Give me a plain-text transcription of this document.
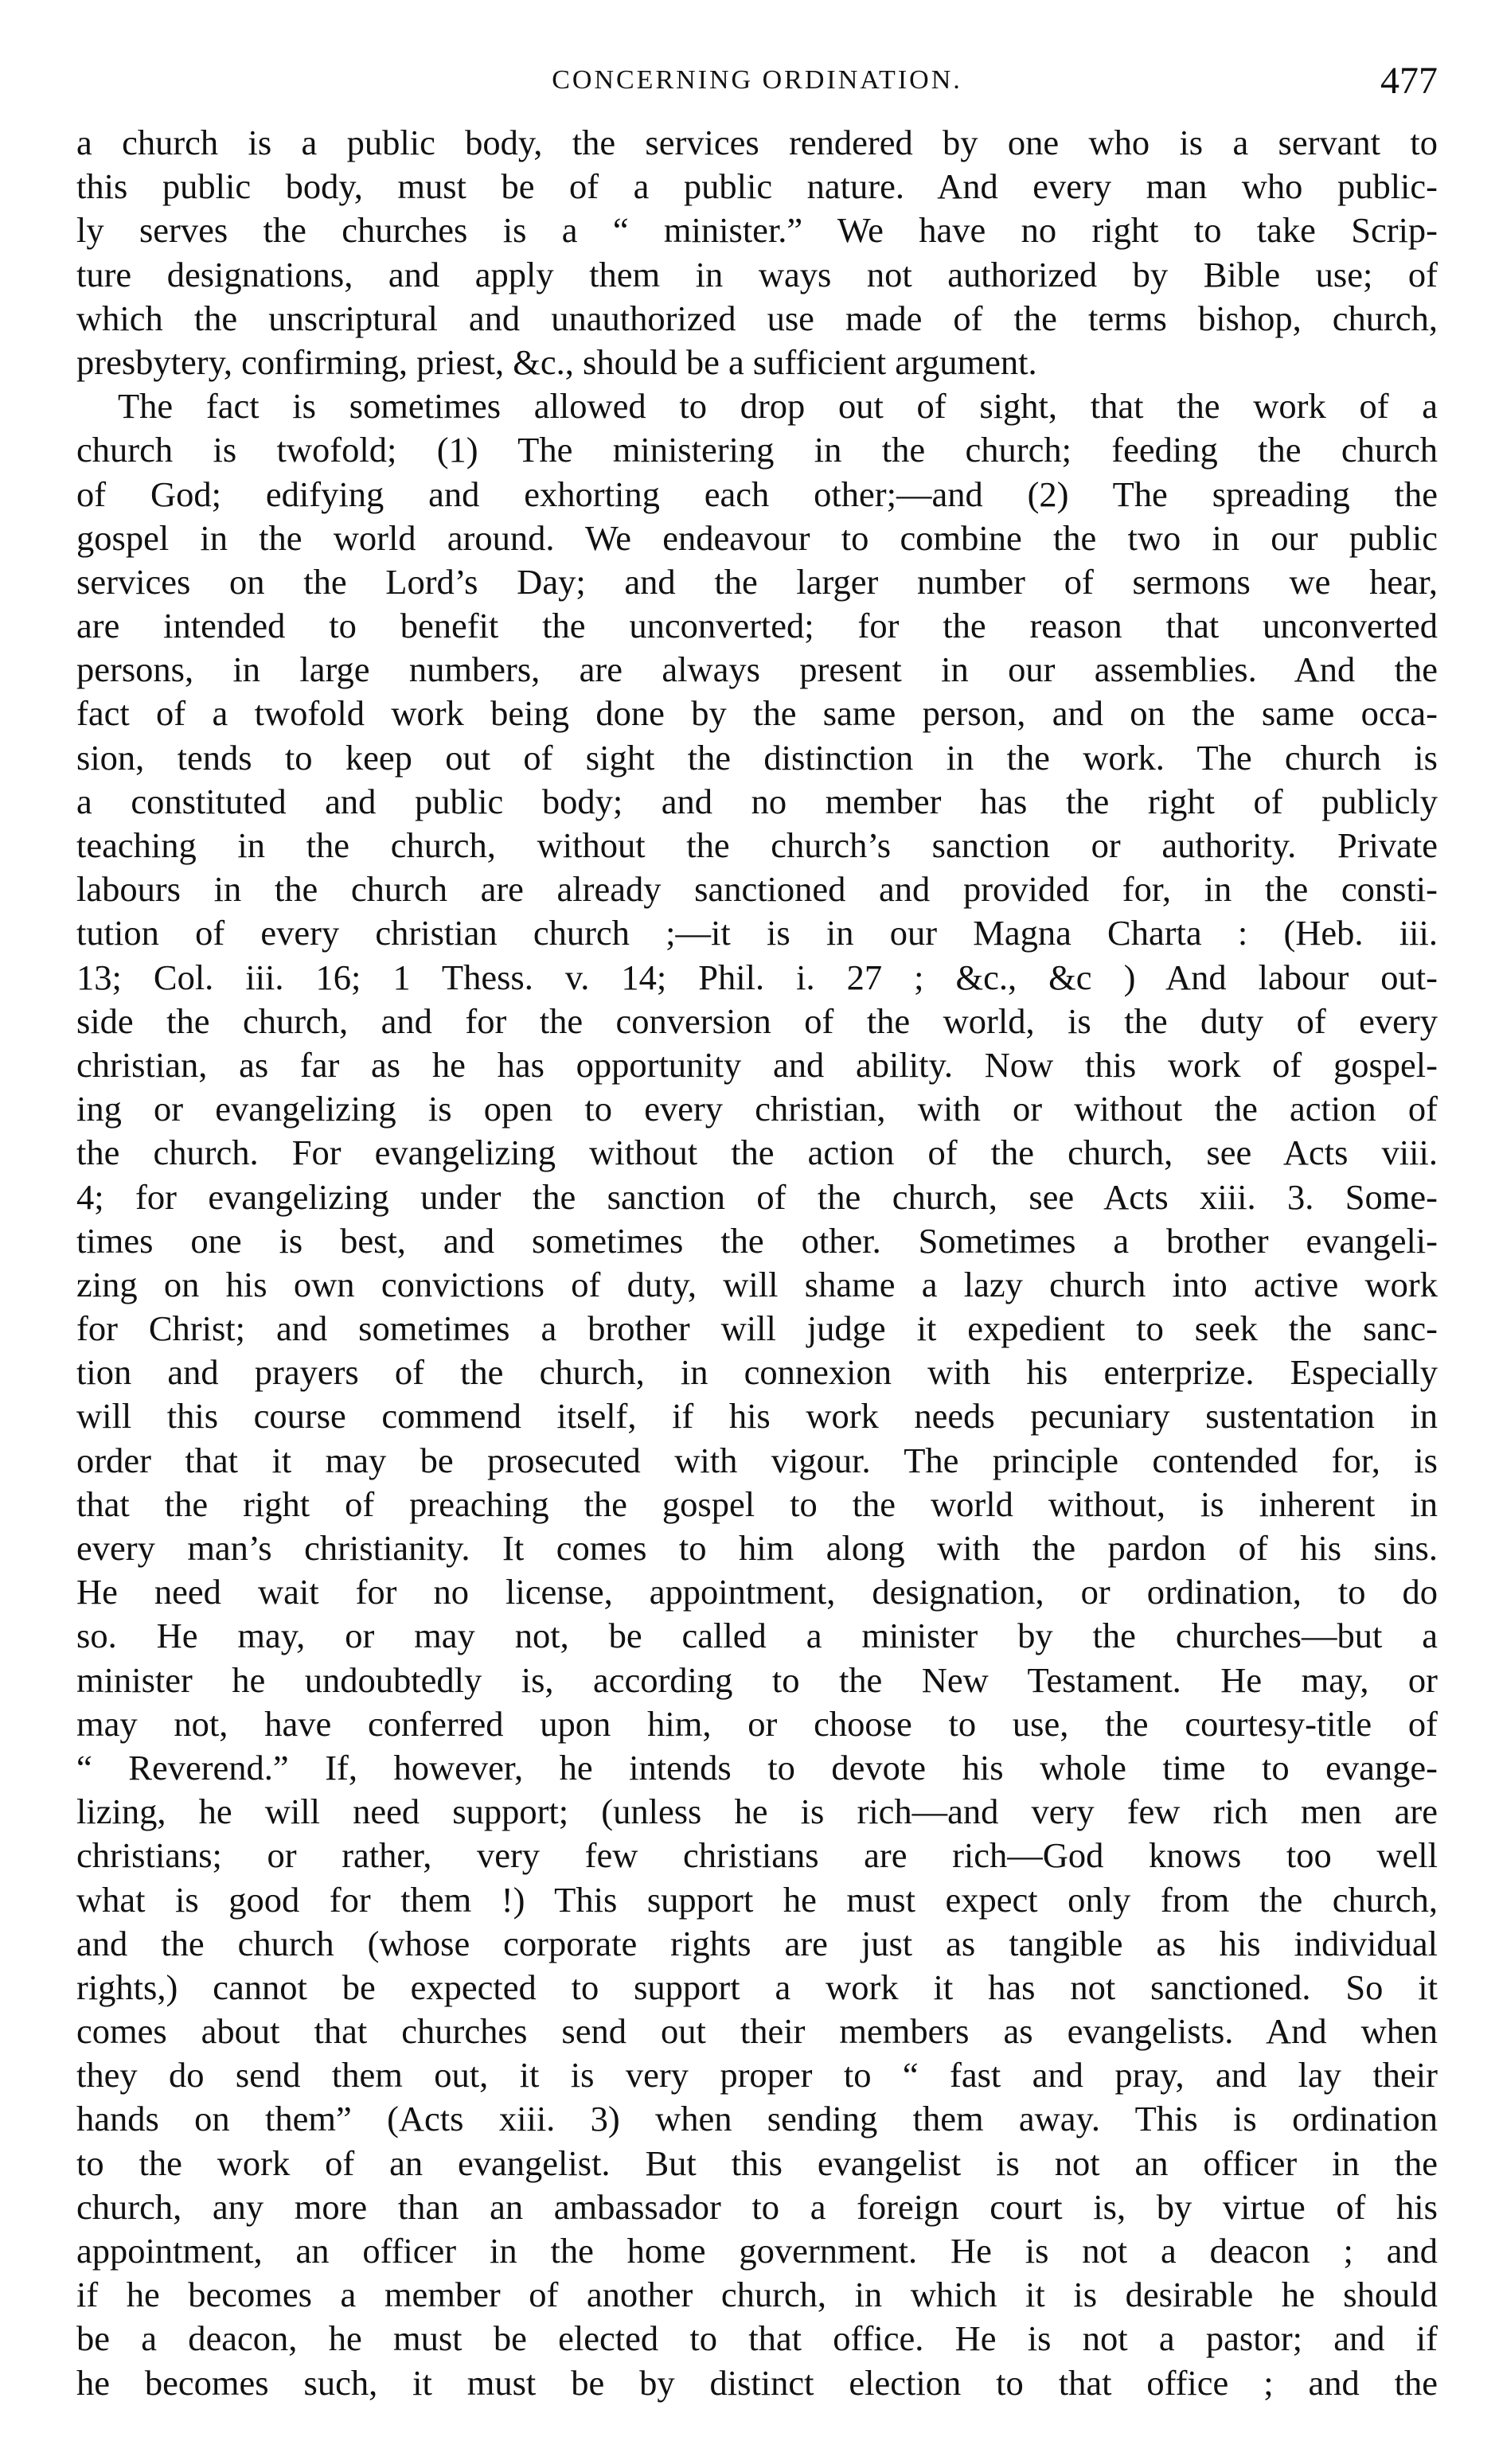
CONCERNING ORDINATION.	477
a church is a public body, the services rendered by one who is a servant to
this public body, must be of a public nature. And every man who public-
ly serves the churches is a “ minister.” We have no right to take Scrip-
ture designations, and apply them in ways not authorized by Bible use; of
which the unscriptural and unauthorized use made of the terms bishop, church,
presbytery, confirming, priest, &c., should be a sufficient argument.
The fact is sometimes allowed to drop out of sight, that the work of a
church is twofold; (1) The ministering in the church; feeding the church
of God; edifying and exhorting each other;—and (2) The spreading the
gospel in the world around. We endeavour to combine the two in our public
services on the Lord’s Day; and the larger number of sermons we hear,
are intended to benefit the unconverted; for the reason that unconverted
persons, in large numbers, are always present in our assemblies. And the
fact of a twofold work being done by the same person, and on the same occa-
sion, tends to keep out of sight the distinction in the work. The church is
a constituted and public body; and no member has the right of publicly
teaching in the church, without the church’s sanction or authority. Private
labours in the church are already sanctioned and provided for, in the consti-
tution of every christian church ;—it is in our Magna Charta : (Heb. iii.
13; Col. iii. 16; 1 Thess. v. 14; Phil. i. 27 ; &c., &c ) And labour out-
side the church, and for the conversion of the world, is the duty of every
christian, as far as he has opportunity and ability. Now this work of gospel-
ing or evangelizing is open to every christian, with or without the action of
the church. For evangelizing without the action of the church, see Acts viii.
4; for evangelizing under the sanction of the church, see Acts xiii. 3. Some-
times one is best, and sometimes the other. Sometimes a brother evangeli-
zing on his own convictions of duty, will shame a lazy church into active work
for Christ; and sometimes a brother will judge it expedient to seek the sanc-
tion and prayers of the church, in connexion with his enterprize. Especially
will this course commend itself, if his work needs pecuniary sustentation in
order that it may be prosecuted with vigour. The principle contended for, is
that the right of preaching the gospel to the world without, is inherent in
every man’s christianity. It comes to him along with the pardon of his sins.
He need wait for no license, appointment, designation, or ordination, to do
so. He may, or may not, be called a minister by the churches—but a
minister he undoubtedly is, according to the New Testament. He may, or
may not, have conferred upon him, or choose to use, the courtesy-title of
“ Reverend.” If, however, he intends to devote his whole time to evange-
lizing, he will need support; (unless he is rich—and very few rich men are
christians; or rather, very few christians are rich—God knows too well
what is good for them !) This support he must expect only from the church,
and the church (whose corporate rights are just as tangible as his individual
rights,) cannot be expected to support a work it has not sanctioned. So it
comes about that churches send out their members as evangelists. And when
they do send them out, it is very proper to “ fast and pray, and lay their
hands on them” (Acts xiii. 3) when sending them away. This is ordination
to the work of an evangelist. But this evangelist is not an officer in the
church, any more than an ambassador to a foreign court is, by virtue of his
appointment, an officer in the home government. He is not a deacon ; and
if he becomes a member of another church, in which it is desirable he should
be a deacon, he must be elected to that office. He is not a pastor; and if
he becomes such, it must be by distinct election to that office ; and the
